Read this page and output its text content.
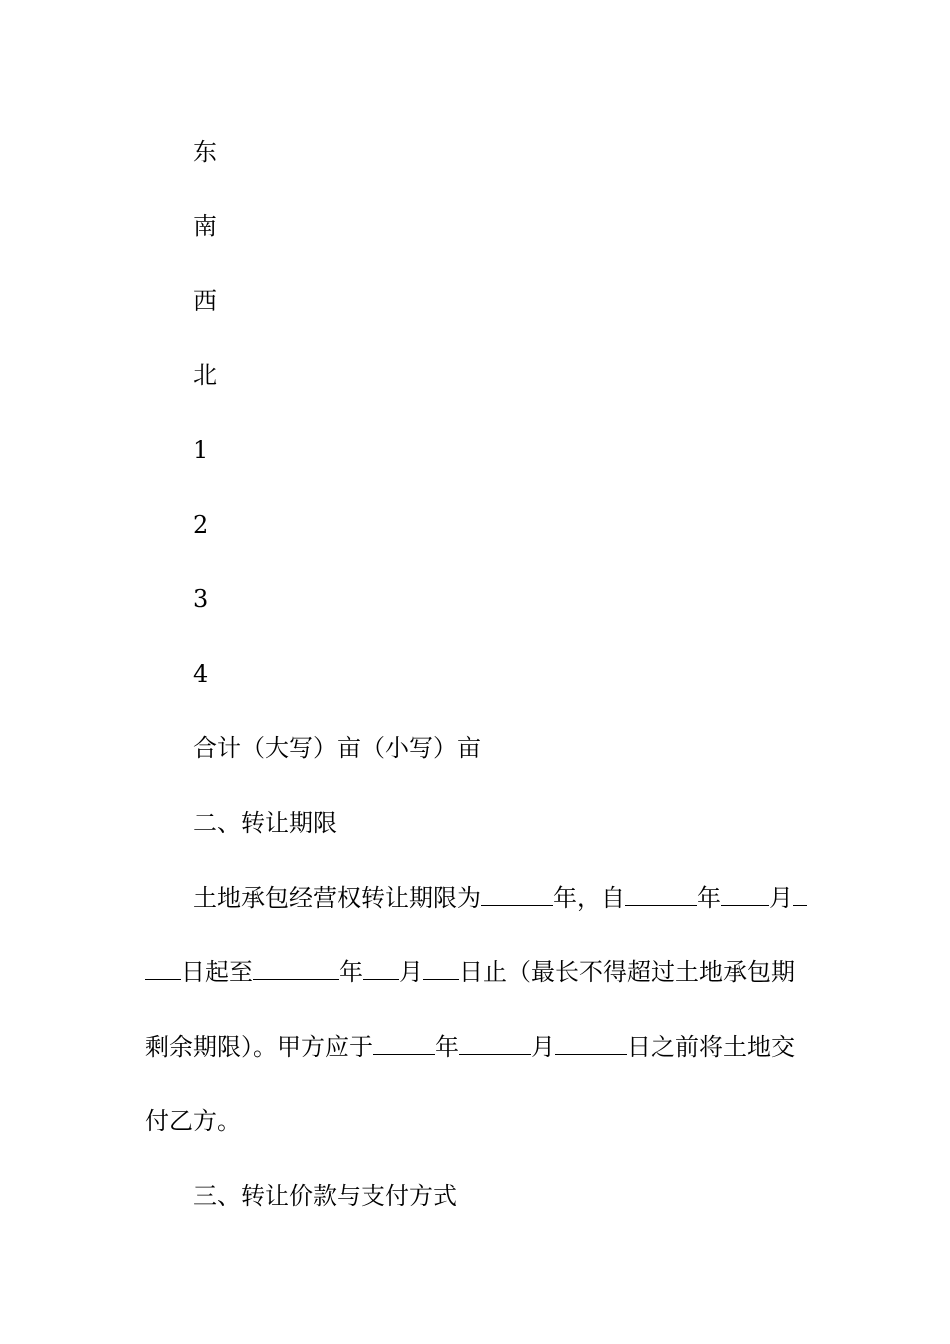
东
南
西
北
1
2
3
4
合计（大写）亩（小写）亩
二、转让期限
土地承包经营权转让期限为	年，自	年 月
日起至	年 月 日止（最长不得超过土地承包期
剩余期限）。甲方应于	年	月	日之前将土地交
付乙方。
三、转让价款与支付方式
